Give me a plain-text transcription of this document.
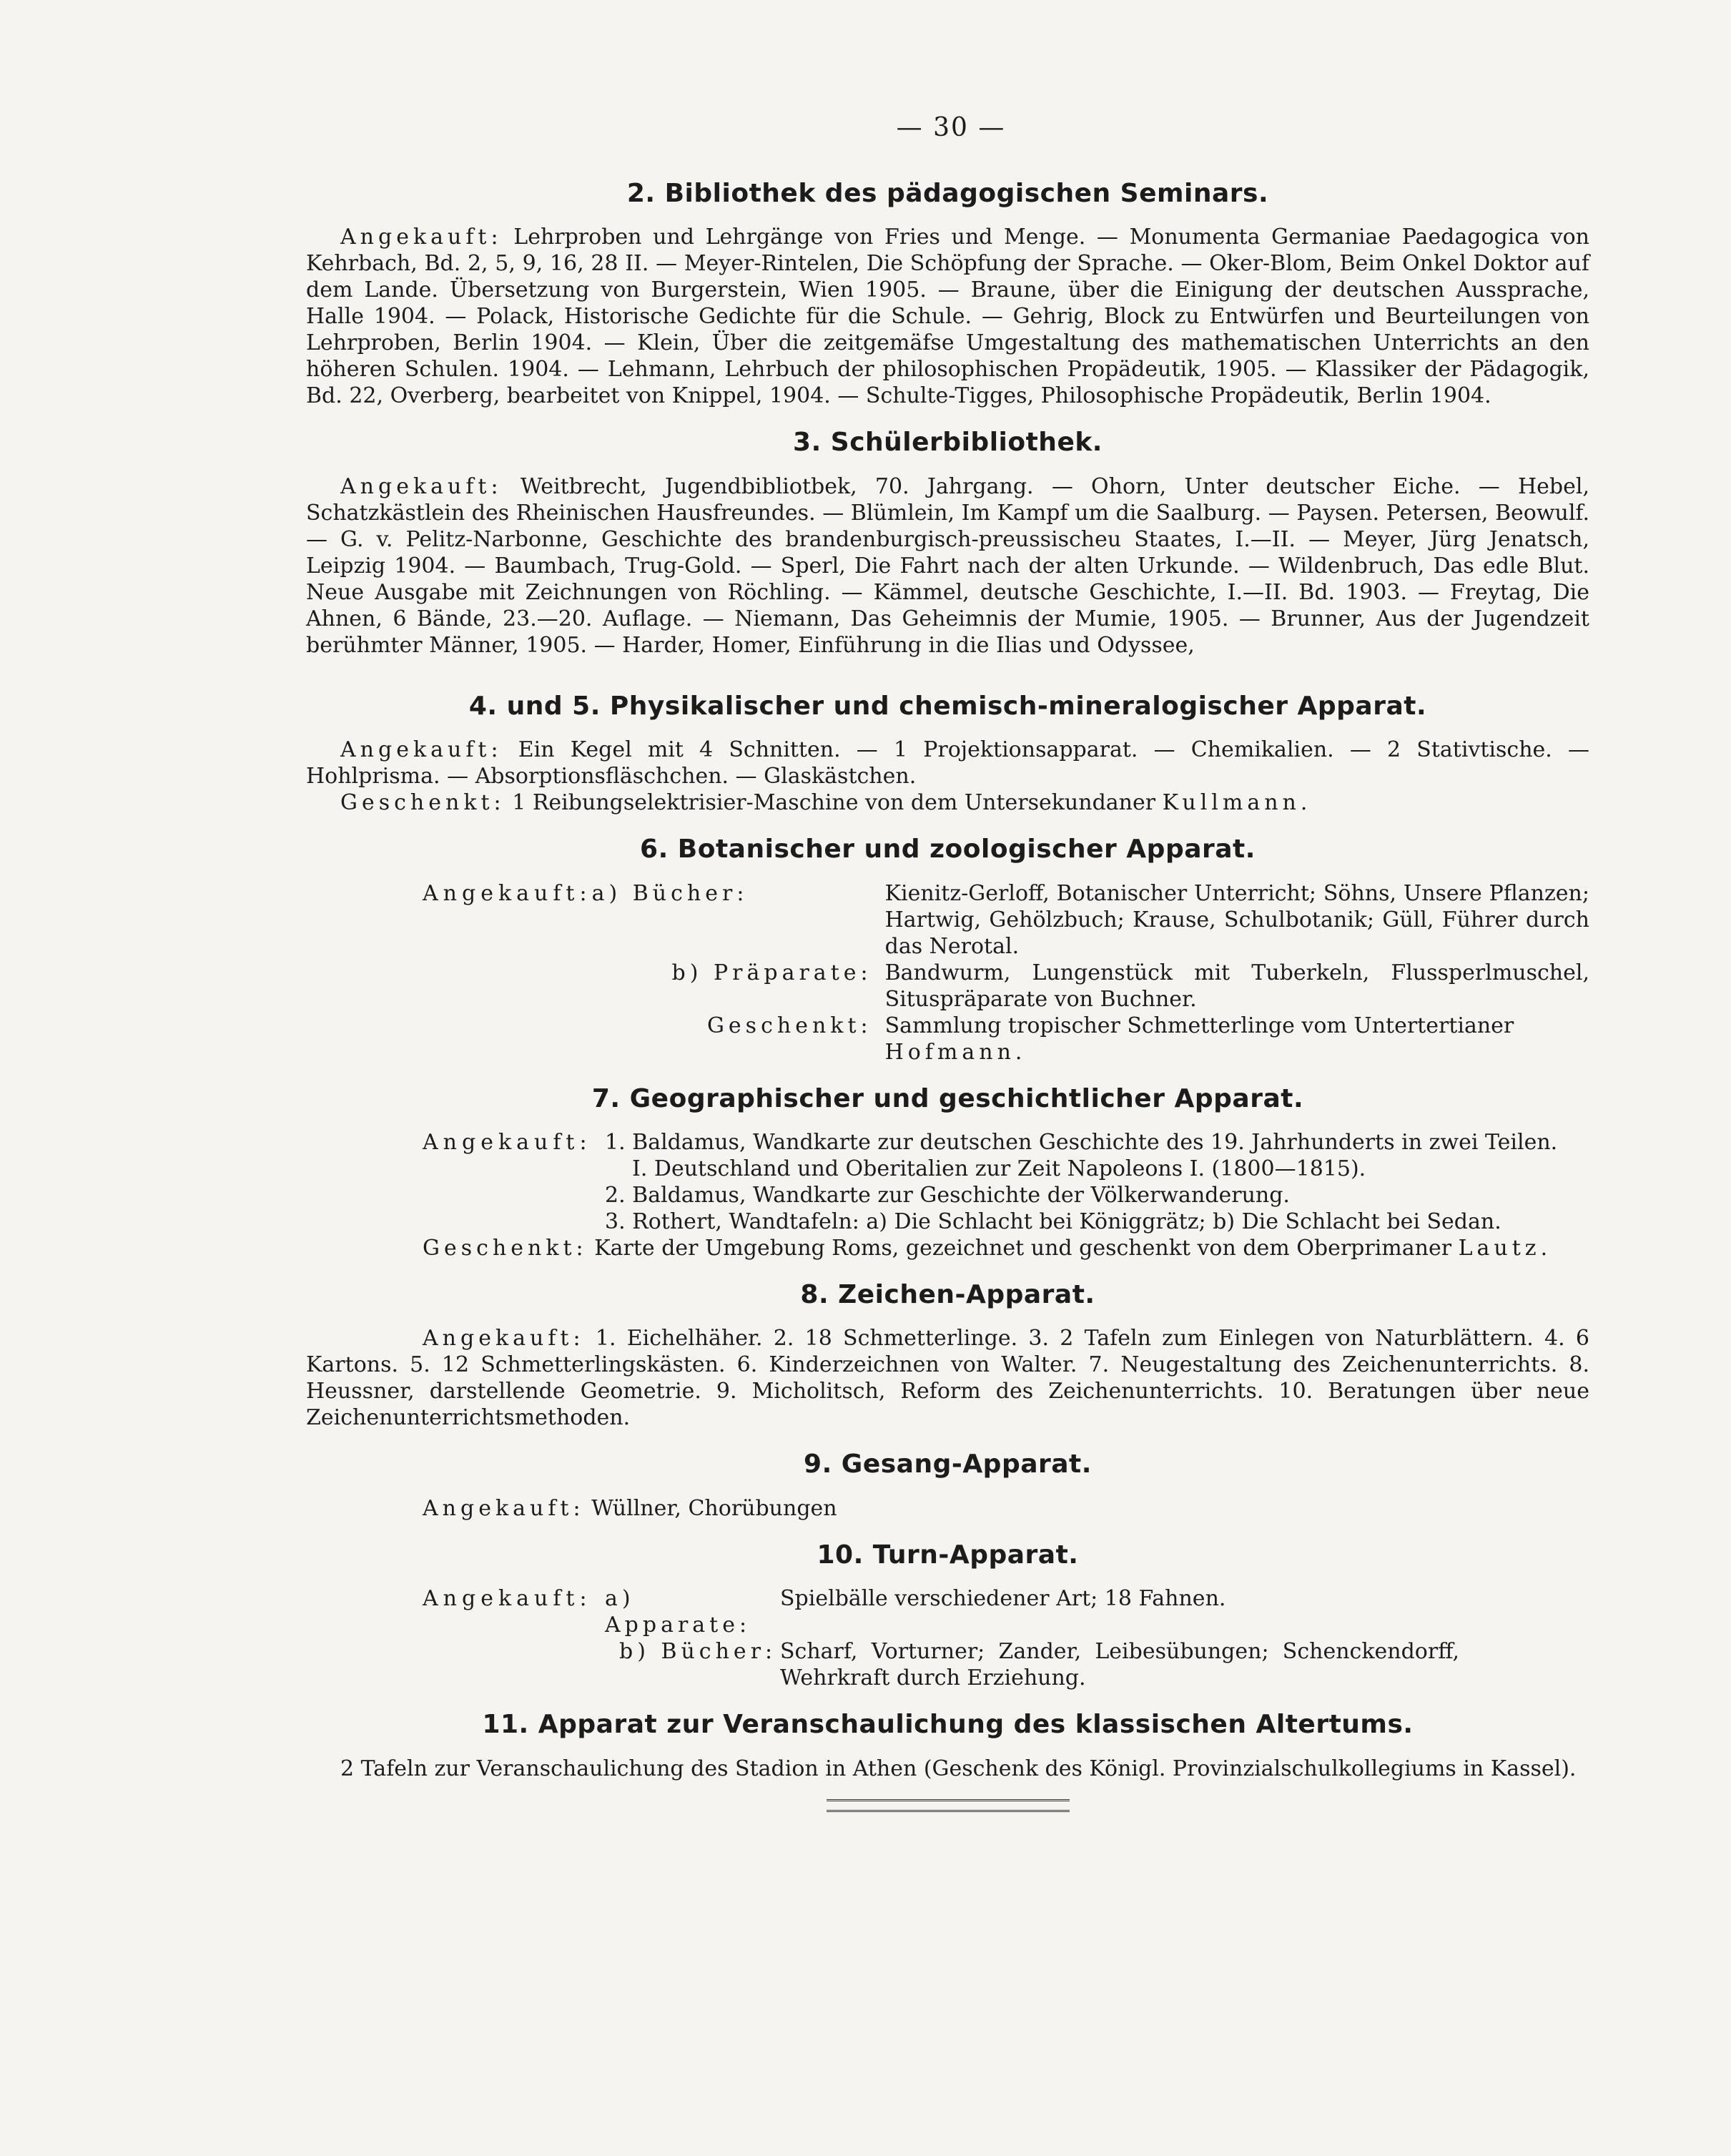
— 30 —
2. Bibliothek des pädagogischen Seminars.

Angekauft: Lehrproben und Lehrgänge von Fries und Menge. — Monumenta Germaniae Paedagogica von Kehrbach, Bd. 2, 5, 9, 16, 28 II. — Meyer-Rintelen, Die Schöpfung der Sprache. — Oker-Blom, Beim Onkel Doktor auf dem Lande. Übersetzung von Burgerstein, Wien 1905. — Braune, über die Einigung der deutschen Aussprache, Halle 1904. — Polack, Historische Gedichte für die Schule. — Gehrig, Block zu Entwürfen und Beurteilungen von Lehrproben, Berlin 1904. — Klein, Über die zeitgemäfse Umgestaltung des mathematischen Unterrichts an den höheren Schulen. 1904. — Lehmann, Lehrbuch der philosophischen Propädeutik, 1905. — Klassiker der Pädagogik, Bd. 22, Overberg, bearbeitet von Knippel, 1904. — Schulte-Tigges, Philosophische Propädeutik, Berlin 1904.

3. Schülerbibliothek.

Angekauft: Weitbrecht, Jugendbibliotbek, 70. Jahrgang. — Ohorn, Unter deutscher Eiche. — Hebel, Schatzkästlein des Rheinischen Hausfreundes. — Blümlein, Im Kampf um die Saalburg. — Paysen. Petersen, Beowulf. — G. v. Pelitz-Narbonne, Geschichte des brandenburgisch-preussischeu Staates, I.—II. — Meyer, Jürg Jenatsch, Leipzig 1904. — Baumbach, Trug-Gold. — Sperl, Die Fahrt nach der alten Urkunde. — Wildenbruch, Das edle Blut. Neue Ausgabe mit Zeichnungen von Röchling. — Kämmel, deutsche Geschichte, I.—II. Bd. 1903. — Freytag, Die Ahnen, 6 Bände, 23.—20. Auflage. — Niemann, Das Geheimnis der Mumie, 1905. — Brunner, Aus der Jugendzeit berühmter Männer, 1905. — Harder, Homer, Einführung in die Ilias und Odyssee,

4. und 5. Physikalischer und chemisch-mineralogischer Apparat.

Angekauft: Ein Kegel mit 4 Schnitten. — 1 Projektionsapparat. — Chemikalien. — 2 Stativtische. — Hohlprisma. — Absorptionsfläschchen. — Glaskästchen.

Geschenkt: 1 Reibungselektrisier-Maschine von dem Untersekundaner Kullmann.

6. Botanischer und zoologischer Apparat.
Angekauft:	a) Bücher:	Kienitz-Gerloff, Botanischer Unterricht; Söhns, Unsere Pflanzen; Hartwig, Gehölzbuch; Krause, Schulbotanik; Güll, Führer durch das Nerotal.
	b) Präparate:	Bandwurm, Lungenstück mit Tuberkeln, Flussperlmuschel, Situspräparate von Buchner.
	Geschenkt:	Sammlung tropischer Schmetterlinge vom Untertertianer
Hofmann.
7. Geographischer und geschichtlicher Apparat.
Angekauft:	1. Baldamus, Wandkarte zur deutschen Geschichte des 19. Jahrhunderts in zwei Teilen.
	I. Deutschland und Oberitalien zur Zeit Napoleons I. (1800—1815).
	2. Baldamus, Wandkarte zur Geschichte der Völkerwanderung.
	3. Rothert, Wandtafeln: a) Die Schlacht bei Königgrätz; b) Die Schlacht bei Sedan.

Geschenkt: Karte der Umgebung Roms, gezeichnet und geschenkt von dem Oberprimaner Lautz.

8. Zeichen-Apparat.

Angekauft: 1. Eichelhäher. 2. 18 Schmetterlinge. 3. 2 Tafeln zum Einlegen von Naturblättern. 4. 6 Kartons. 5. 12 Schmetterlingskästen. 6. Kinderzeichnen von Walter. 7. Neugestaltung des Zeichenunterrichts. 8. Heussner, darstellende Geometrie. 9. Micholitsch, Reform des Zeichenunterrichts. 10. Beratungen über neue Zeichenunterrichtsmethoden.

9. Gesang-Apparat.

Angekauft: Wüllner, Chorübungen

10. Turn-Apparat.
Angekauft:	a) Apparate:	Spielbälle verschiedener Art; 18 Fahnen.
	b) Bücher:	Scharf, Vorturner; Zander, Leibesübungen; Schenckendorff, Wehrkraft durch Erziehung.
11. Apparat zur Veranschaulichung des klassischen Altertums.

2 Tafeln zur Veranschaulichung des Stadion in Athen (Geschenk des Königl. Provinzialschulkollegiums in Kassel).
